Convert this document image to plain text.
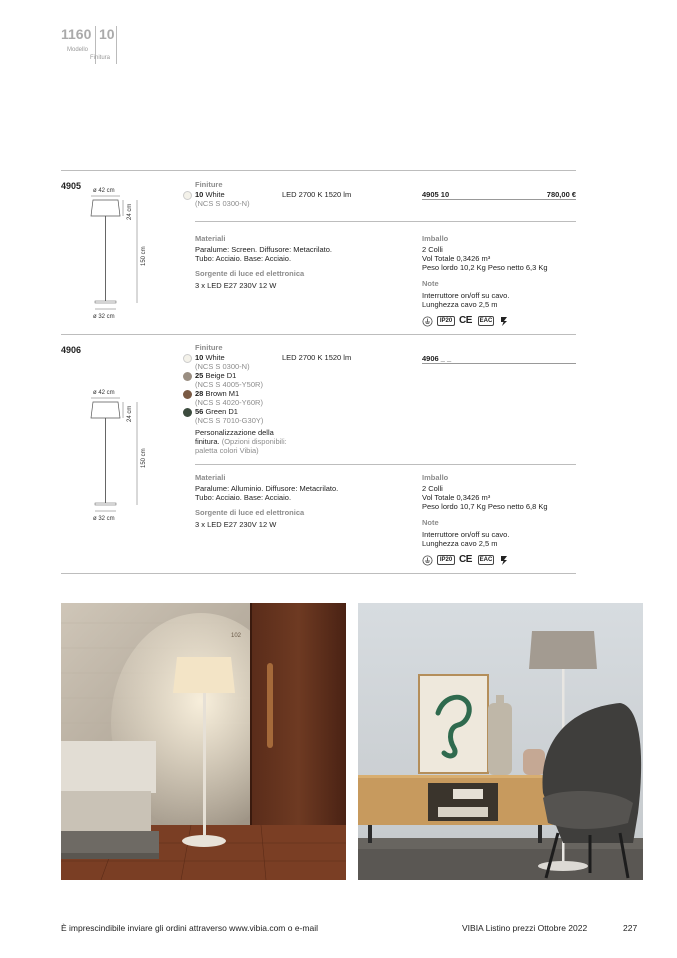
1160 10
Modello
Finitura
4905 ø 42 cm
24 cm
150 cm
ø 32 cm
Finiture
10 White
(NCS S 0300-N)
LED 2700 K 1520 lm	4905 10	780,00 €
Materiali
Paralume: Screen. Diffusore: Metacrilato.
Tubo: Acciaio. Base: Acciaio.
Sorgente di luce ed elettronica
3 x LED E27 230V 12 W
Imballo
2 Colli
Vol Totale 0,3426 m³
Peso lordo 10,2 Kg Peso netto 6,3 Kg
Note
Interruttore on/off su cavo.
Lunghezza cavo 2,5 m
IP20 CE EAC
4906
ø 42 cm
24 cm
150 cm
ø 32 cm
Finiture
10 White
(NCS S 0300-N)
25 Beige D1
(NCS S 4005-Y50R)
28 Brown M1
(NCS S 4020-Y60R)
56 Green D1
(NCS S 7010-G30Y)
Personalizzazione della
finitura. (Opzioni disponibili:
paletta colori Vibia)
LED 2700 K 1520 lm	4906 _ _
Materiali
Paralume: Alluminio. Diffusore: Metacrilato.
Tubo: Acciaio. Base: Acciaio.
Sorgente di luce ed elettronica
3 x LED E27 230V 12 W
Imballo
2 Colli
Vol Totale 0,3426 m³
Peso lordo 10,7 Kg Peso netto 6,8 Kg
Note
Interruttore on/off su cavo.
Lunghezza cavo 2,5 m
IP20 CE EAC
102
È imprescindibile inviare gli ordini attraverso www.vibia.com o e-mail	VIBIA Listino prezzi Ottobre 2022	227
